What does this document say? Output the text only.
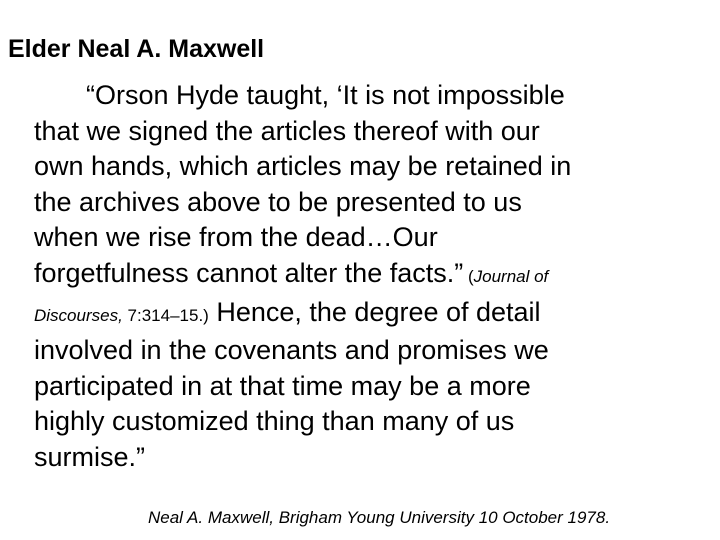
Elder Neal A. Maxwell
“Orson Hyde taught, ‘It is not impossible
that we signed the articles thereof with our
own hands, which articles may be retained in
the archives above to be presented to us
when we rise from the dead…Our
forgetfulness cannot alter the facts.” (Journal of
Discourses, 7:314–15.) Hence, the degree of detail
involved in the covenants and promises we
participated in at that time may be a more
highly customized thing than many of us
surmise.”
Neal A. Maxwell, Brigham Young University 10 October 1978.
